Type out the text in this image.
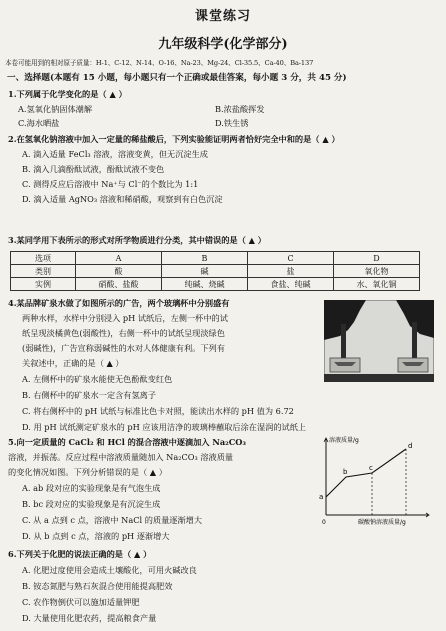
课堂练习
九年级科学(化学部分)
本卷可能用到的相对原子质量：H-1、C-12、N-14、O-16、Na-23、Mg-24、Cl-35.5、Ca-40、Ba-137
一、选择题(本题有 15 小题，每小题只有一个正确或最佳答案，每小题 3 分，共 45 分)
1.下列属于化学变化的是（ ▲ ）
A.氢氧化钠固体潮解	B.浓盐酸挥发
C.海水晒盐	D.铁生锈
2.在氢氧化钠溶液中加入一定量的稀盐酸后，下列实验能证明两者恰好完全中和的是（ ▲ ）
A. 滴入适量 FeCl₃ 溶液，溶液变黄，但无沉淀生成
B. 滴入几滴酚酞试液，酚酞试液不变色
C. 测得反应后溶液中 Na⁺与 Cl⁻的个数比为 1:1
D. 滴入适量 AgNO₃ 溶液和稀硝酸，观察到有白色沉淀
3.某同学用下表所示的形式对所学物质进行分类，其中错误的是（ ▲ ）
选项	A	B	C	D
类别	酸	碱	盐	氧化物
实例	硝酸、盐酸	纯碱、烧碱	食盐、纯碱	水、氧化铜
4.某品牌矿泉水做了如图所示的广告，两个玻璃杯中分别盛有
两种水样，水样中分别浸入 pH 试纸后，左侧一杯中的试
纸呈现淡橘黄色(弱酸性)，右侧一杯中的试纸呈现淡绿色
(弱碱性)，广告宣称弱碱性的水对人体健康有利。下列有
关叙述中，正确的是（ ▲ ）
A. 左侧杯中的矿泉水能使无色酚酞变红色
B. 右侧杯中的矿泉水一定含有氢离子
C. 将右侧杯中的 pH 试纸与标准比色卡对照，能读出水样的 pH 值为 6.72
D. 用 pH 试纸测定矿泉水的 pH 应该用洁净的玻璃棒蘸取后涂在湿润的试纸上
5.向一定质量的 CaCl₂ 和 HCl 的混合溶液中逐滴加入 Na₂CO₃
溶液，并振荡。反应过程中溶液质量随加入 Na₂CO₃ 溶液质量
的变化情况如图。下列分析错误的是（ ▲ ）
A. ab 段对应的实验现象是有气泡生成
B. bc 段对应的实验现象是有沉淀生成
C. 从 a 点到 c 点，溶液中 NaCl 的质量逐渐增大
D. 从 b 点到 c 点，溶液的 pH 逐渐增大
溶液质量/g
a
b	c
d
0	碳酸钠溶液质量/g
6.下列关于化肥的说法正确的是（ ▲ ）
A. 化肥过度使用会造成土壤酸化，可用火碱改良
B. 铵态氮肥与熟石灰混合使用能提高肥效
C. 农作物倒伏可以施加适量钾肥
D. 大量使用化肥农药，提高粮食产量
